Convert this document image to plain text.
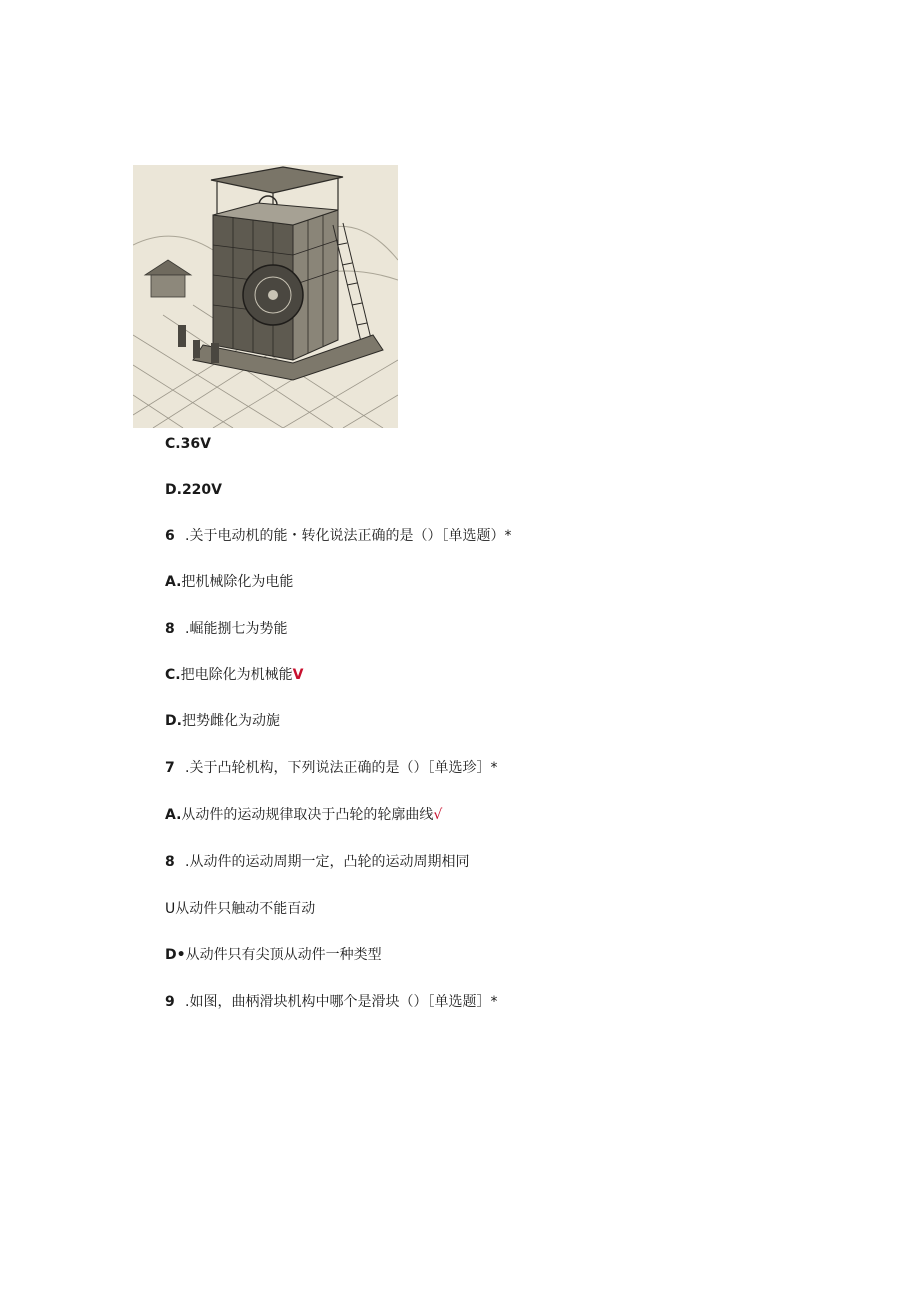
C.36V
D.220V
6 .关于电动机的能・转化说法正确的是（）［单选题）*
A.把机械除化为电能
8 .崛能捌七为势能
C.把电除化为机械能V
D.把势雌化为动旎
7 .关于凸轮机构，下列说法正确的是（）［单选珍］*
A.从动件的运动规律取决于凸轮的轮廓曲线√
8 .从动件的运动周期一定，凸轮的运动周期相同
U从动件只触动不能百动
D•从动件只有尖顶从动件一种类型
9 .如图，曲柄滑块机构中哪个是滑块（）［单选题］*
